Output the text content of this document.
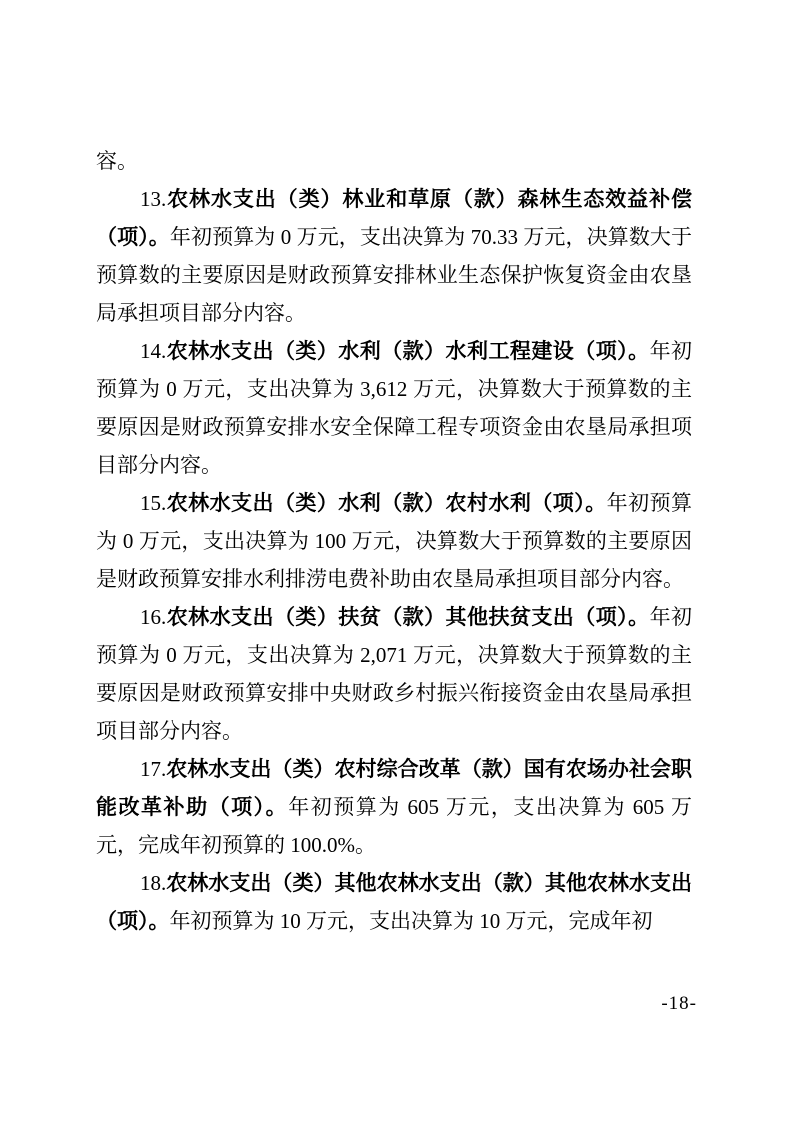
容。

13.农林水支出（类）林业和草原（款）森林生态效益补偿（项）。年初预算为 0 万元，支出决算为 70.33 万元，决算数大于预算数的主要原因是财政预算安排林业生态保护恢复资金由农垦局承担项目部分内容。

14.农林水支出（类）水利（款）水利工程建设（项）。年初预算为 0 万元，支出决算为 3,612 万元，决算数大于预算数的主要原因是财政预算安排水安全保障工程专项资金由农垦局承担项目部分内容。

15.农林水支出（类）水利（款）农村水利（项）。年初预算为 0 万元，支出决算为 100 万元，决算数大于预算数的主要原因是财政预算安排水利排涝电费补助由农垦局承担项目部分内容。

16.农林水支出（类）扶贫（款）其他扶贫支出（项）。年初预算为 0 万元，支出决算为 2,071 万元，决算数大于预算数的主要原因是财政预算安排中央财政乡村振兴衔接资金由农垦局承担项目部分内容。

17.农林水支出（类）农村综合改革（款）国有农场办社会职能改革补助（项）。年初预算为 605 万元，支出决算为 605 万元，完成年初预算的 100.0%。

18.农林水支出（类）其他农林水支出（款）其他农林水支出（项）。年初预算为 10 万元，支出决算为 10 万元，完成年初

-18-
